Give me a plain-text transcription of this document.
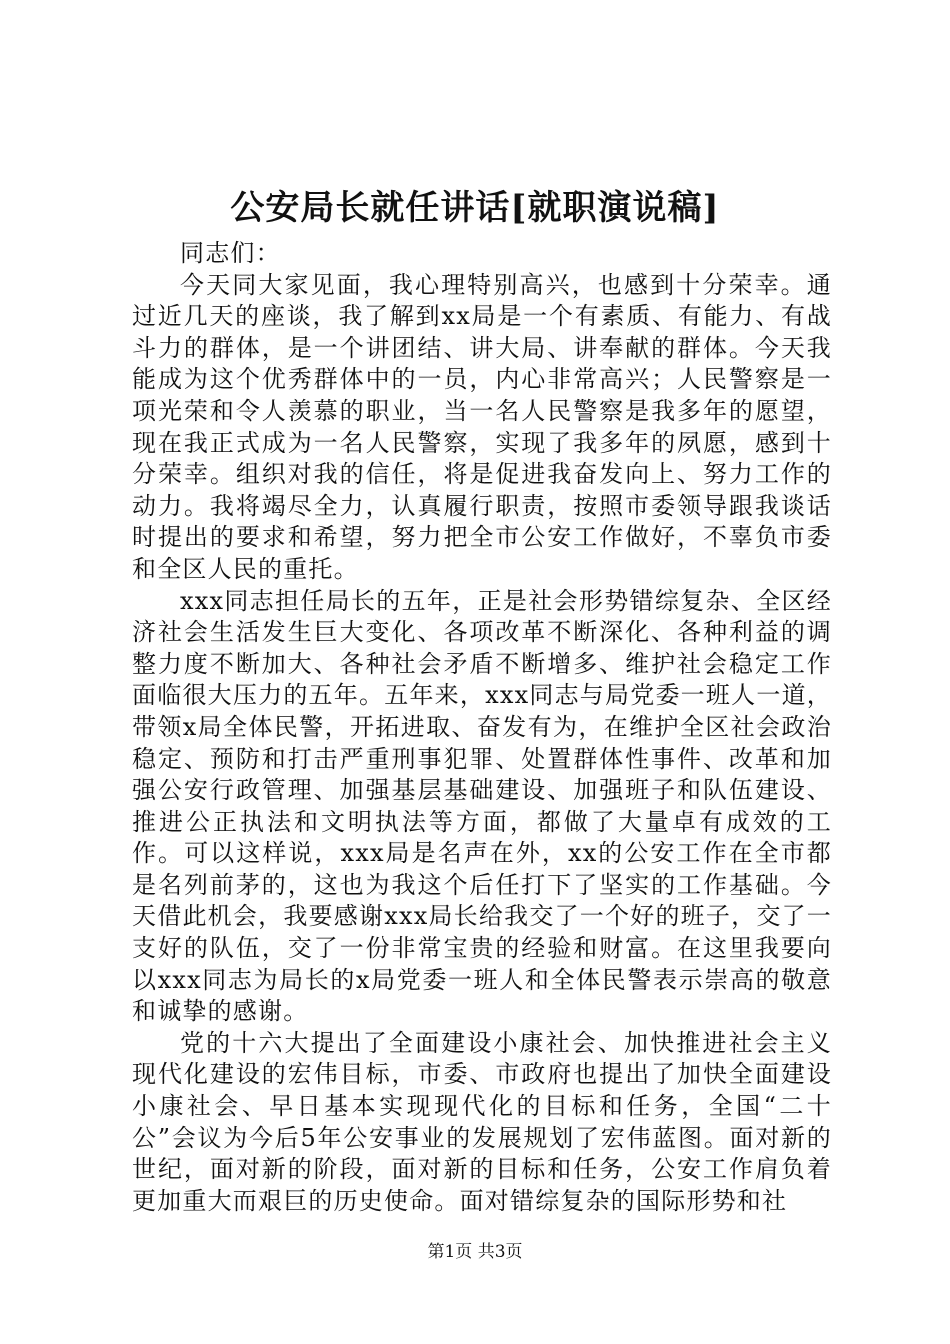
公安局长就任讲话[就职演说稿]

同志们：

今天同大家见面，我心理特别高兴，也感到十分荣幸。通过近几天的座谈，我了解到xx局是一个有素质、有能力、有战斗力的群体，是一个讲团结、讲大局、讲奉献的群体。今天我能成为这个优秀群体中的一员，内心非常高兴；人民警察是一项光荣和令人羡慕的职业，当一名人民警察是我多年的愿望，现在我正式成为一名人民警察，实现了我多年的夙愿，感到十分荣幸。组织对我的信任，将是促进我奋发向上、努力工作的动力。我将竭尽全力，认真履行职责，按照市委领导跟我谈话时提出的要求和希望，努力把全市公安工作做好，不辜负市委和全区人民的重托。

xxx同志担任局长的五年，正是社会形势错综复杂、全区经济社会生活发生巨大变化、各项改革不断深化、各种利益的调整力度不断加大、各种社会矛盾不断增多、维护社会稳定工作面临很大压力的五年。五年来，xxx同志与局党委一班人一道，带领x局全体民警，开拓进取、奋发有为，在维护全区社会政治稳定、预防和打击严重刑事犯罪、处置群体性事件、改革和加强公安行政管理、加强基层基础建设、加强班子和队伍建设、推进公正执法和文明执法等方面，都做了大量卓有成效的工作。可以这样说，xxx局是名声在外，xx的公安工作在全市都是名列前茅的，这也为我这个后任打下了坚实的工作基础。今天借此机会，我要感谢xxx局长给我交了一个好的班子，交了一支好的队伍，交了一份非常宝贵的经验和财富。在这里我要向以xxx同志为局长的x局党委一班人和全体民警表示崇高的敬意和诚挚的感谢。

党的十六大提出了全面建设小康社会、加快推进社会主义现代化建设的宏伟目标，市委、市政府也提出了加快全面建设小康社会、早日基本实现现代化的目标和任务，全国“二十公”会议为今后5年公安事业的发展规划了宏伟蓝图。面对新的世纪，面对新的阶段，面对新的目标和任务，公安工作肩负着更加重大而艰巨的历史使命。面对错综复杂的国际形势和社

第1页 共3页
